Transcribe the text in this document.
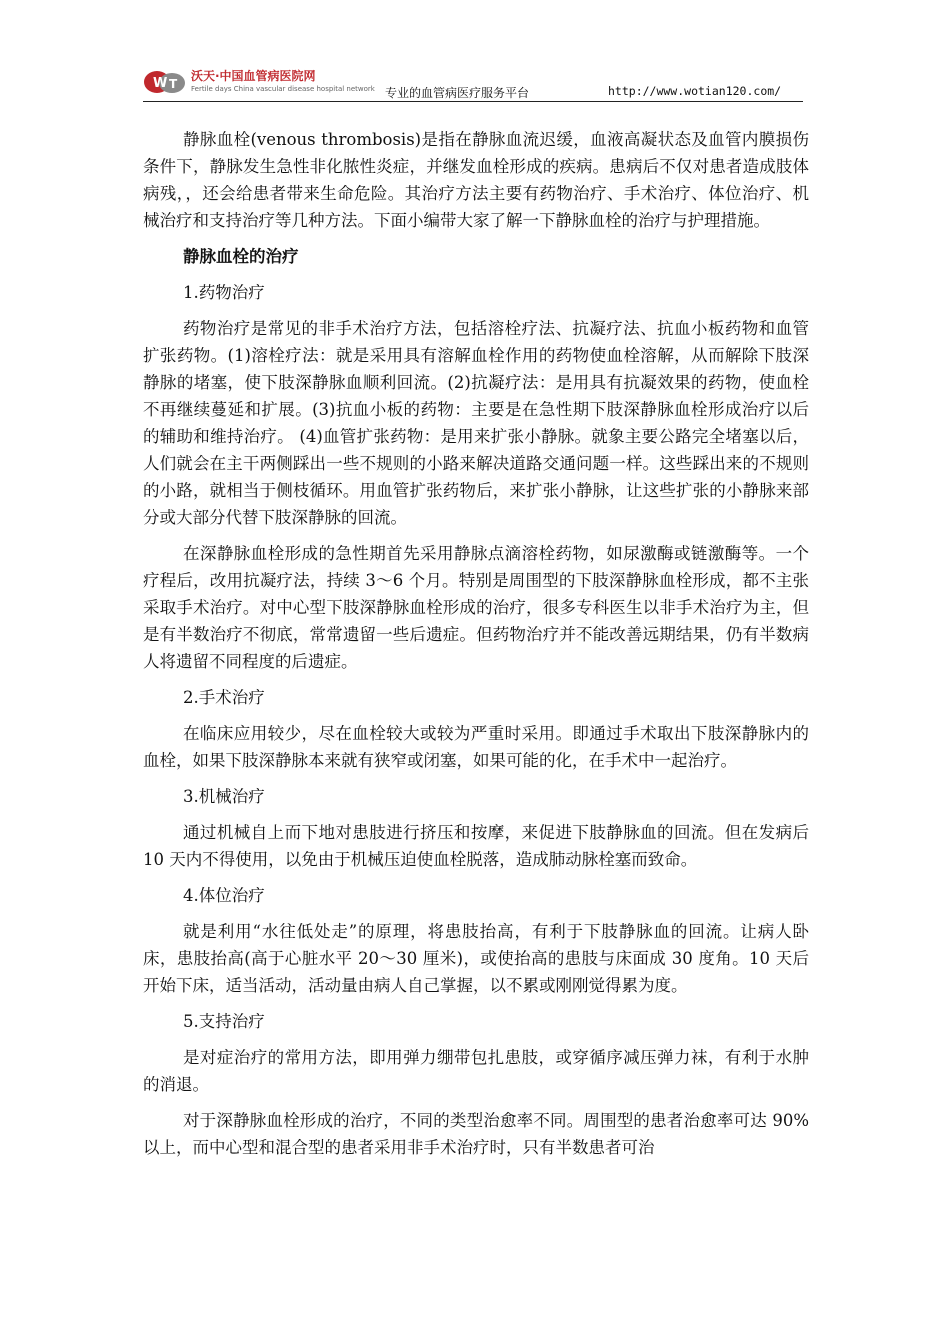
W T
沃天·中国血管病医院网
Fertile days China vascular disease hospital network 专业的血管病医疗服务平台	http://www.wotian120.com/

静脉血栓(venous thrombosis)是指在静脉血流迟缓，血液高凝状态及血管内膜损伤条件下，静脉发生急性非化脓性炎症，并继发血栓形成的疾病。患病后不仅对患者造成肢体病残，，还会给患者带来生命危险。其治疗方法主要有药物治疗、手术治疗、体位治疗、机械治疗和支持治疗等几种方法。下面小编带大家了解一下静脉血栓的治疗与护理措施。

静脉血栓的治疗

1.药物治疗

药物治疗是常见的非手术治疗方法，包括溶栓疗法、抗凝疗法、抗血小板药物和血管扩张药物。(1)溶栓疗法：就是采用具有溶解血栓作用的药物使血栓溶解，从而解除下肢深静脉的堵塞，使下肢深静脉血顺利回流。(2)抗凝疗法：是用具有抗凝效果的药物，使血栓不再继续蔓延和扩展。(3)抗血小板的药物：主要是在急性期下肢深静脉血栓形成治疗以后的辅助和维持治疗。 (4)血管扩张药物：是用来扩张小静脉。就象主要公路完全堵塞以后，人们就会在主干两侧踩出一些不规则的小路来解决道路交通问题一样。这些踩出来的不规则的小路，就相当于侧枝循环。用血管扩张药物后，来扩张小静脉，让这些扩张的小静脉来部分或大部分代替下肢深静脉的回流。

在深静脉血栓形成的急性期首先采用静脉点滴溶栓药物，如尿激酶或链激酶等。一个疗程后，改用抗凝疗法，持续 3～6 个月。特别是周围型的下肢深静脉血栓形成，都不主张采取手术治疗。对中心型下肢深静脉血栓形成的治疗，很多专科医生以非手术治疗为主，但是有半数治疗不彻底，常常遗留一些后遗症。但药物治疗并不能改善远期结果，仍有半数病人将遗留不同程度的后遗症。

2.手术治疗

在临床应用较少，尽在血栓较大或较为严重时采用。即通过手术取出下肢深静脉内的血栓，如果下肢深静脉本来就有狭窄或闭塞，如果可能的化，在手术中一起治疗。

3.机械治疗

通过机械自上而下地对患肢进行挤压和按摩，来促进下肢静脉血的回流。但在发病后 10 天内不得使用，以免由于机械压迫使血栓脱落，造成肺动脉栓塞而致命。

4.体位治疗

就是利用“水往低处走”的原理，将患肢抬高，有利于下肢静脉血的回流。让病人卧床，患肢抬高(高于心脏水平 20～30 厘米)，或使抬高的患肢与床面成 30 度角。10 天后开始下床，适当活动，活动量由病人自己掌握，以不累或刚刚觉得累为度。

5.支持治疗

是对症治疗的常用方法，即用弹力绷带包扎患肢，或穿循序减压弹力袜，有利于水肿的消退。

对于深静脉血栓形成的治疗，不同的类型治愈率不同。周围型的患者治愈率可达 90%以上，而中心型和混合型的患者采用非手术治疗时，只有半数患者可治
